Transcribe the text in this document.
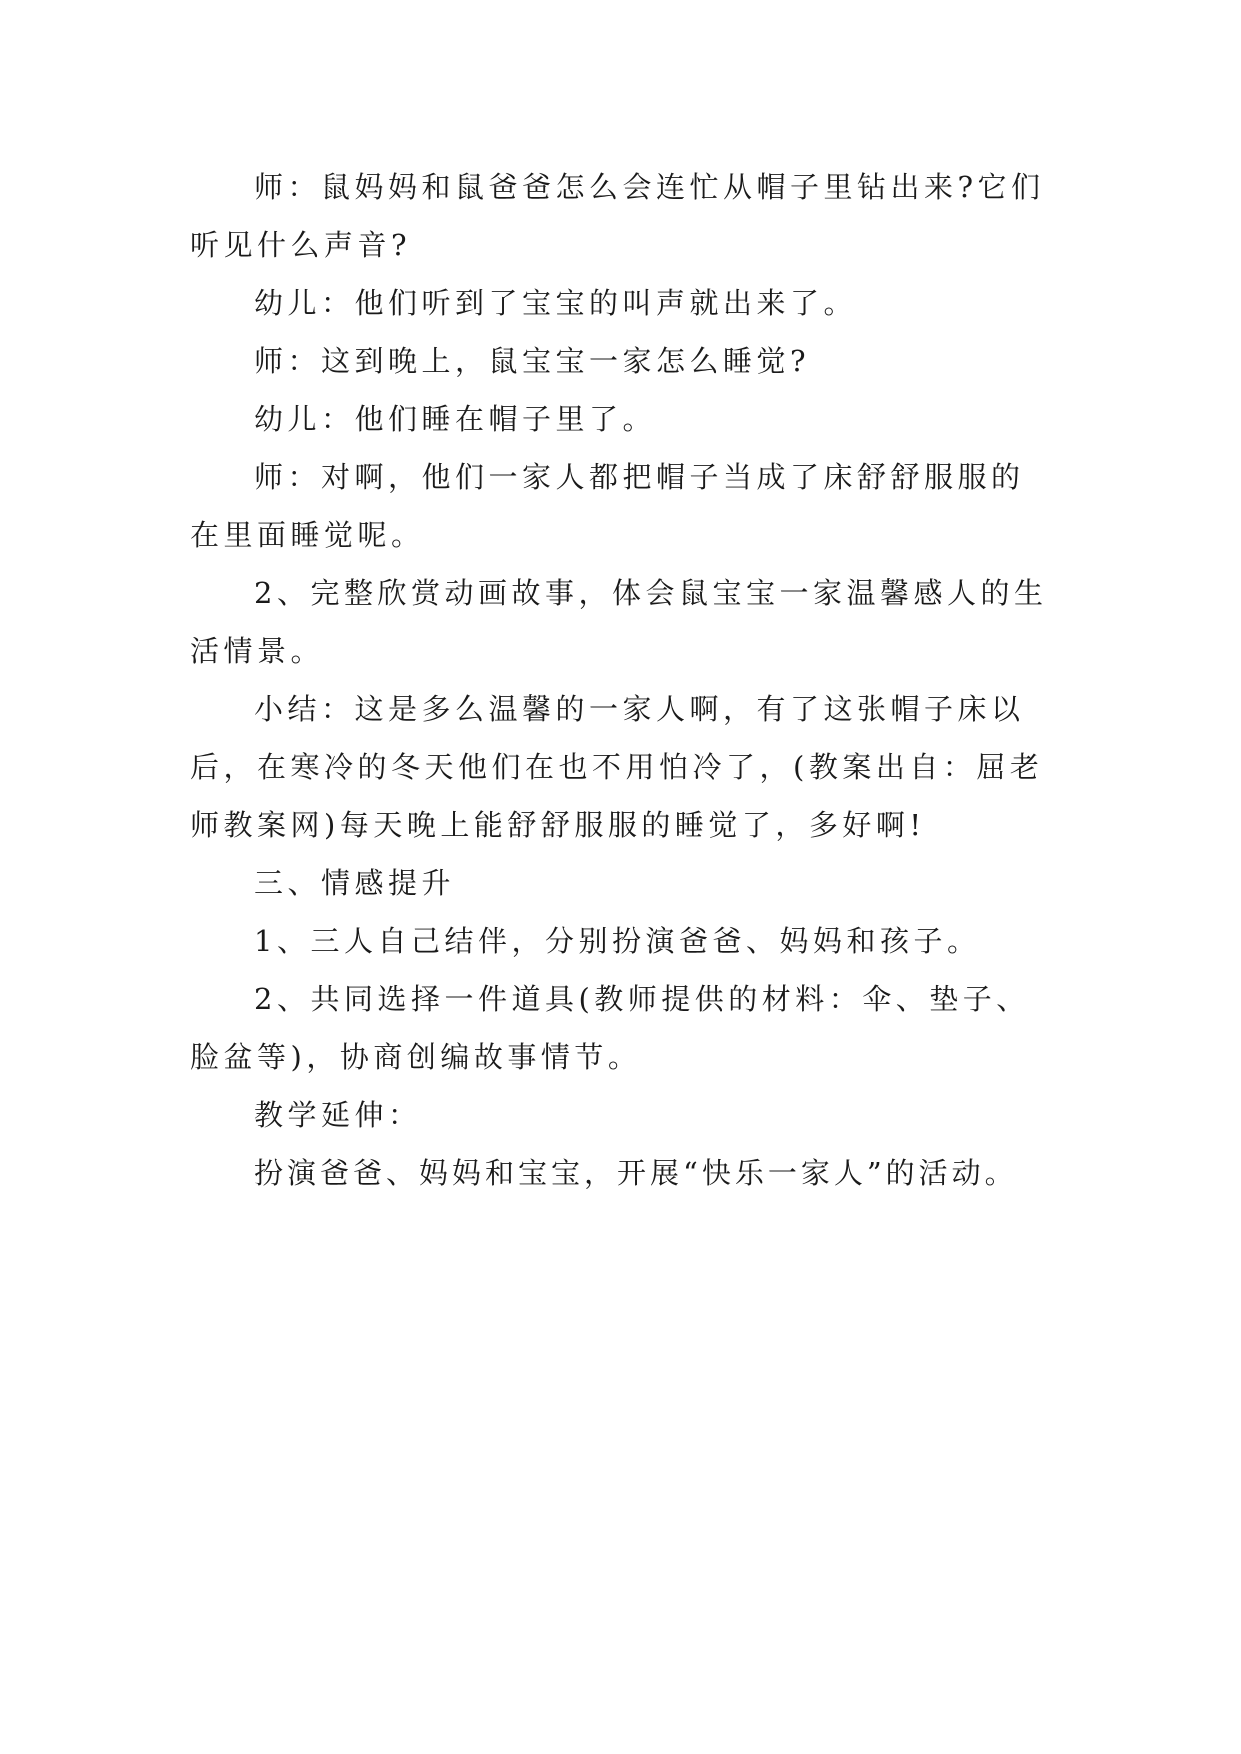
师：鼠妈妈和鼠爸爸怎么会连忙从帽子里钻出来?它们听见什么声音?

幼儿：他们听到了宝宝的叫声就出来了。

师：这到晚上，鼠宝宝一家怎么睡觉?

幼儿：他们睡在帽子里了。

师：对啊，他们一家人都把帽子当成了床舒舒服服的在里面睡觉呢。

2、完整欣赏动画故事，体会鼠宝宝一家温馨感人的生活情景。

小结：这是多么温馨的一家人啊，有了这张帽子床以后，在寒冷的冬天他们在也不用怕冷了，(教案出自：屈老师教案网)每天晚上能舒舒服服的睡觉了，多好啊!

三、情感提升

1、三人自己结伴，分别扮演爸爸、妈妈和孩子。

2、共同选择一件道具(教师提供的材料：伞、垫子、脸盆等)，协商创编故事情节。

教学延伸：

扮演爸爸、妈妈和宝宝，开展“快乐一家人”的活动。
